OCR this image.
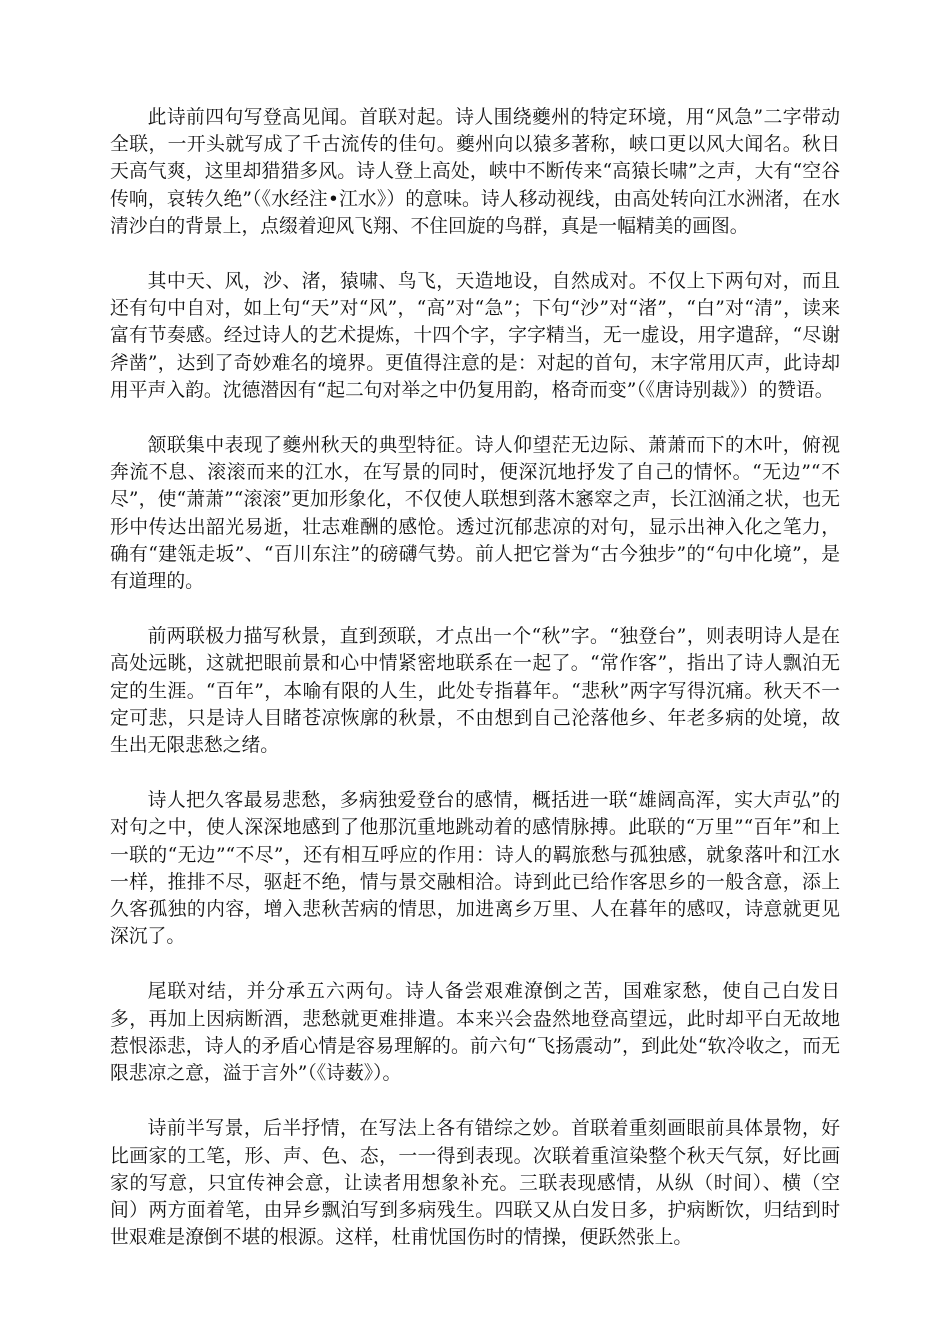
此诗前四句写登高见闻。首联对起。诗人围绕夔州的特定环境，用“风急”二字带动全联，一开头就写成了千古流传的佳句。夔州向以猿多著称，峡口更以风大闻名。秋日天高气爽，这里却猎猎多风。诗人登上高处，峡中不断传来“高猿长啸”之声，大有“空谷传响，哀转久绝”（《水经注•江水》）的意味。诗人移动视线，由高处转向江水洲渚，在水清沙白的背景上，点缀着迎风飞翔、不住回旋的鸟群，真是一幅精美的画图。

其中天、风，沙、渚，猿啸、鸟飞，天造地设，自然成对。不仅上下两句对，而且还有句中自对，如上句“天”对“风”，“高”对“急”；下句“沙”对“渚”，“白”对“清”，读来富有节奏感。经过诗人的艺术提炼，十四个字，字字精当，无一虚设，用字遣辞，“尽谢斧凿”，达到了奇妙难名的境界。更值得注意的是：对起的首句，末字常用仄声，此诗却用平声入韵。沈德潜因有“起二句对举之中仍复用韵，格奇而变”（《唐诗别裁》）的赞语。

颔联集中表现了夔州秋天的典型特征。诗人仰望茫无边际、萧萧而下的木叶，俯视奔流不息、滚滚而来的江水，在写景的同时，便深沉地抒发了自己的情怀。“无边”“不尽”，使“萧萧”“滚滚”更加形象化，不仅使人联想到落木窸窣之声，长江汹涌之状，也无形中传达出韶光易逝，壮志难酬的感怆。透过沉郁悲凉的对句，显示出神入化之笔力，确有“建瓴走坂”、“百川东注”的磅礴气势。前人把它誉为“古今独步”的“句中化境”，是有道理的。

前两联极力描写秋景，直到颈联，才点出一个“秋”字。“独登台”，则表明诗人是在高处远眺，这就把眼前景和心中情紧密地联系在一起了。“常作客”，指出了诗人飘泊无定的生涯。“百年”，本喻有限的人生，此处专指暮年。“悲秋”两字写得沉痛。秋天不一定可悲，只是诗人目睹苍凉恢廓的秋景，不由想到自己沦落他乡、年老多病的处境，故生出无限悲愁之绪。

诗人把久客最易悲愁，多病独爱登台的感情，概括进一联“雄阔高浑，实大声弘”的对句之中，使人深深地感到了他那沉重地跳动着的感情脉搏。此联的“万里”“百年”和上一联的“无边”“不尽”，还有相互呼应的作用：诗人的羁旅愁与孤独感，就象落叶和江水一样，推排不尽，驱赶不绝，情与景交融相洽。诗到此已给作客思乡的一般含意，添上久客孤独的内容，增入悲秋苦病的情思，加进离乡万里、人在暮年的感叹，诗意就更见深沉了。

尾联对结，并分承五六两句。诗人备尝艰难潦倒之苦，国难家愁，使自己白发日多，再加上因病断酒，悲愁就更难排遣。本来兴会盎然地登高望远，此时却平白无故地惹恨添悲，诗人的矛盾心情是容易理解的。前六句“飞扬震动”，到此处“软冷收之，而无限悲凉之意，溢于言外”（《诗薮》）。

诗前半写景，后半抒情，在写法上各有错综之妙。首联着重刻画眼前具体景物，好比画家的工笔，形、声、色、态，一一得到表现。次联着重渲染整个秋天气氛，好比画家的写意，只宜传神会意，让读者用想象补充。三联表现感情，从纵（时间）、横（空间）两方面着笔，由异乡飘泊写到多病残生。四联又从白发日多，护病断饮，归结到时世艰难是潦倒不堪的根源。这样，杜甫忧国伤时的情操，便跃然张上。
